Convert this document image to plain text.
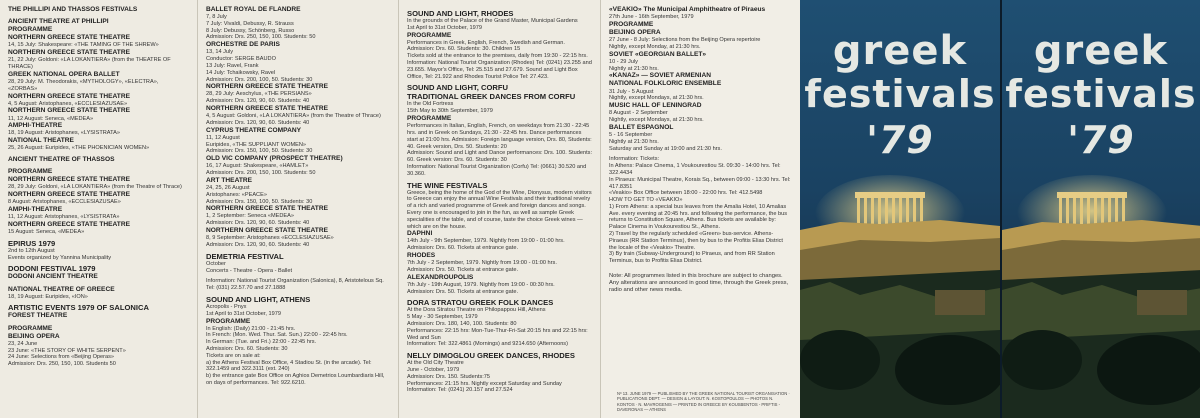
THE PHILLIPI AND THASSOS FESTIVALS
ANCIENT THEATRE AT PHILLIPI
PROGRAMME
NORTHERN GREECE STATE THEATRE
14, 15 July: Shakespeare: «THE TAMING OF THE SHREW»
NORTHERN GREECE STATE THEATRE
21, 22 July: Goldoni: «LA LOKANTIERA» (from the THEATRE OF THRACE)
GREEK NATIONAL OPERA BALLET
28, 29 July: M. Theodorakis, «MYTHOLOGY», «ELECTRA», «ZORBAS»
NORTHERN GREECE STATE THEATRE
4, 5 August: Aristophanes, «ECCLESIAZUSAE»
NORTHERN GREECE STATE THEATRE
11, 12 August: Seneca, «MEDEA»
AMPHI-THEATRE
18, 19 August: Aristophanes, «LYSISTRATA»
NATIONAL THEATRE
25, 26 August: Euripides, «THE PHOENICIAN WOMEN»
ANCIENT THEATRE OF THASSOS
PROGRAMME
NORTHERN GREECE STATE THEATRE
28, 29 July: Goldoni, «LA LOKANTIERA» (from the Theatre of Thrace)
NORTHERN GREECE STATE THEATRE
8 August: Aristophanes, «ECCLESIAZUSAE»
AMPHI-THEATRE
11, 12 August: Aristophanes, «LYSISTRATA»
NORTHERN GREECE STATE THEATRE
15 August: Seneca, «MEDEA»
EPIRUS 1979
2nd to 12th August
Events organized by Yannina Municipality
DODONI FESTIVAL 1979
DODONI ANCIENT THEATRE
NATIONAL THEATRE OF GREECE
18, 19 August: Euripides, «ION»
ARTISTIC EVENTS 1979 OF SALONICA
FOREST THEATRE
PROGRAMME
BEIJING OPERA
23, 24 June
23 June: «THE STORY OF WHITE SERPENT»
24 June: Selections from «Beijing Operas»
Admission: Drs. 250, 150, 100. Students 50
BALLET ROYAL DE FLANDRE
7, 8 July
7 July: Vivaldi, Debussy, R. Strauss
8 July: Debussy, Schönberg, Russo
Admission: Drs. 250, 150, 100. Students: 50
ORCHESTRE DE PARIS
13, 14 July
Conductor: SERGE BAUDO
13 July: Ravel, Frank
14 July: Tchaikowsky, Ravel
Admission: Drs. 200, 100, 50. Students: 30
NORTHERN GREECE STATE THEATRE
28, 29 July: Aeschylus, «THE PERSIANS»
Admission: Drs. 120, 90, 60. Students: 40
NORTHERN GREECE STATE THEATRE
4, 5 August: Goldoni, «LA LOKANTIERA» (from the Theatre of Thrace)
Admission: Drs. 120, 90, 60. Students: 40
CYPRUS THEATRE COMPANY
11, 12 August
Euripides, «THE SUPPLIANT WOMEN»
Admission: Drs. 150, 100, 50. Students: 30
OLD VIC COMPANY (PROSPECT THEATRE)
16, 17 August: Shakespeare, «HAMLET»
Admission: Drs. 200, 150, 100. Students: 50
ART THEATRE
24, 25, 26 August
Aristophanes: «PEACE»
Admission: Drs. 150, 100, 50. Students: 30
NORTHERN GREECE STATE THEATRE
1, 2 September: Seneca «MEDEA»
Admission: Drs. 120, 90, 60. Students: 40
NORTHERN GREECE STATE THEATRE
8, 9 September: Aristophanes «ECCLESIAZUSAE»
Admission: Drs. 120, 90, 60. Students: 40
DEMETRIA FESTIVAL
October
Concerts - Theatre - Opera - Ballet
Information: National Tourist Organization (Salonica), 8, Aristotelous Sq. Tel: (031) 22.57.70 and 27.1888
SOUND AND LIGHT, ATHENS
Acropolis - Pnyx
1st April to 31st October, 1979
PROGRAMME
In English: (Daily) 21:00 - 21:45 hrs.
In French: (Mon. Wed. Thur. Sat. Sun.) 22:00 - 22:45 hrs.
In German: (Tue. and Fri.) 22:00 - 22:45 hrs.
Admission: Drs. 60. Students: 30
Tickets are on sale at:
a) the Athens Festival Box Office, 4 Stadiou St. (in the arcade). Tel: 322.1459 and 322.3111 (ext. 240)
b) the entrance gate Box Office on Aghios Demetrios Loumbardiaris Hill, on days of performances. Tel: 922.6210.
SOUND AND LIGHT, RHODES
In the grounds of the Palace of the Grand Master, Municipal Gardens
1st April to 31st October, 1979
PROGRAMME
Performances in Greek, English, French, Swedish and German.
Admission: Drs. 60. Students: 30. Children 15
Tickets sold at the entrance to the premises, daily from 19:30 - 22:15 hrs.
Information: National Tourist Organization (Rhodes) Tel: (0241) 23.255 and 23.655. Mayor's Office, Tel: 25.515 and 27.679. Sound and Light Box Office, Tel: 21.922 and Rhodes Tourist Police Tel: 27.423.
SOUND AND LIGHT, CORFU
TRADITIONAL GREEK DANCES FROM CORFU
In the Old Fortress
15th May to 30th September, 1979
PROGRAMME
Performances in Italian, English, French, on weekdays from 21:30 - 22:45 hrs. and in Greek on Sundays, 21:30 - 22:45 hrs. Dance performances start at 21:00 hrs. Admission: Foreign language version, Drs. 80, Students: 40. Greek version, Drs. 50. Students: 20
Admission: Sound and Light and Dance performances: Drs. 100. Students: 60. Greek version: Drs. 60. Students: 30
Information: National Tourist Organization (Corfu) Tel: (0661) 30.520 and 30.360.
THE WINE FESTIVALS
Greece, being the home of the God of the Wine, Dionysus, modern visitors to Greece can enjoy the annual Wine Festivals and their traditional revelry of a rich and varied programme of Greek and foreign dances and songs. Every one is encouraged to join in the fun, as well as sample Greek specialities of the table, and of course, taste the choice Greek wines — which are on the house.
DAPHNI
14th July - 9th September, 1979. Nightly from 19:00 - 01:00 hrs.
Admission: Drs. 60. Tickets at entrance gate.
RHODES
7th July - 2 September, 1979. Nightly from 19:00 - 01:00 hrs.
Admission: Drs. 50. Tickets at entrance gate.
ALEXANDROUPOLIS
7th July - 19th August, 1979. Nightly from 19:00 - 00:30 hrs.
Admission: Drs. 50. Tickets at entrance gate.
DORA STRATOU GREEK FOLK DANCES
At the Dora Stratou Theatre on Philopappou Hill, Athens
5 May - 30 September, 1979
Admission: Drs. 180, 140, 100. Students: 80
Performances: 22:15 hrs: Mon-Tue-Thur-Fri-Sat 20:15 hrs and 22:15 hrs: Wed and Sun
Information: Tel: 322.4861 (Mornings) and 9214.650 (Afternoons)
NELLY DIMOGLOU GREEK DANCES, RHODES
At the Old City Theatre
June - October, 1979
Admission: Drs. 150. Students:75
Performances: 21:15 hrs. Nightly except Saturday and Sunday
Information: Tel: (0241) 20.157 and 27.524
«VEAKIO» The Municipal Amphitheatre of Piraeus
27th June - 16th September, 1979
PROGRAMME
BEIJING OPERA
27 June - 8 July: Selections from the Beijing Opera repertoire
Nightly, except Monday, at 21:30 hrs.
SOVIET «GEORGIAN BALLET»
10 - 29 July
Nightly at 21:30 hrs.
«KANAZ» — SOVIET ARMENIAN
NATIONAL FOLKLORIC ENSEMBLE
31 July - 5 August
Nightly, except Mondays, at 21:30 hrs.
MUSIC HALL OF LENINGRAD
8 August - 2 September
Nightly, except Mondays, at 21:30 hrs.
BALLET ESPAGNOL
5 - 16 September
Nightly at 21:30 hrs.
Saturday and Sunday at 19:00 and 21:30 hrs.
Information: Tickets:
In Athens: Palace Cinema, 1 Voukourestiou St. 09:30 - 14:00 hrs. Tel: 322.4434
In Piraeus: Municipal Theatre, Korais Sq., between 09:00 - 13:30 hrs. Tel: 417.8351
«Veakio» Box Office between 18:00 - 22:00 hrs. Tel: 412.5498
HOW TO GET TO «VEAKIO»
1) From Athens: a special bus leaves from the Amalia Hotel, 10 Amalias Ave. every evening at 20:45 hrs. and following the performance, the bus returns to Constitution Square, Athens. Bus tickets are available by: Palace Cinema in Voukourestiou St., Athens.
2) Travel by the regularly scheduled «Green» bus-service. Athens-Piraeus (RR Station Terminus), then by bus to the Profitis Elias District the locale of the «Veakio» Theatre.
3) By train (Subway-Underground) to Piraeus, and from RR Station Terminus, bus to Profitis Elias District.
Note: All programmes listed in this brochure are subject to changes. Any alterations are announced in good time, through the Greek press, radio and other news media.
Nº 13. JUNE 1979 — PUBLISHED BY THE GREEK NATIONAL TOURIST ORGANISATION · PUBLICATIONS DEPT. — DESIGN & LAYOUT: N. KOSTOPOULOS — PHOTOS N. KONTOS · N. MAVROGENIS — PRINTED IN GREECE BY KOUSBENTOS - PRIFTIS - DAVERONAS — ATHENS
greek
festivals
'79
greek
festivals
'79
